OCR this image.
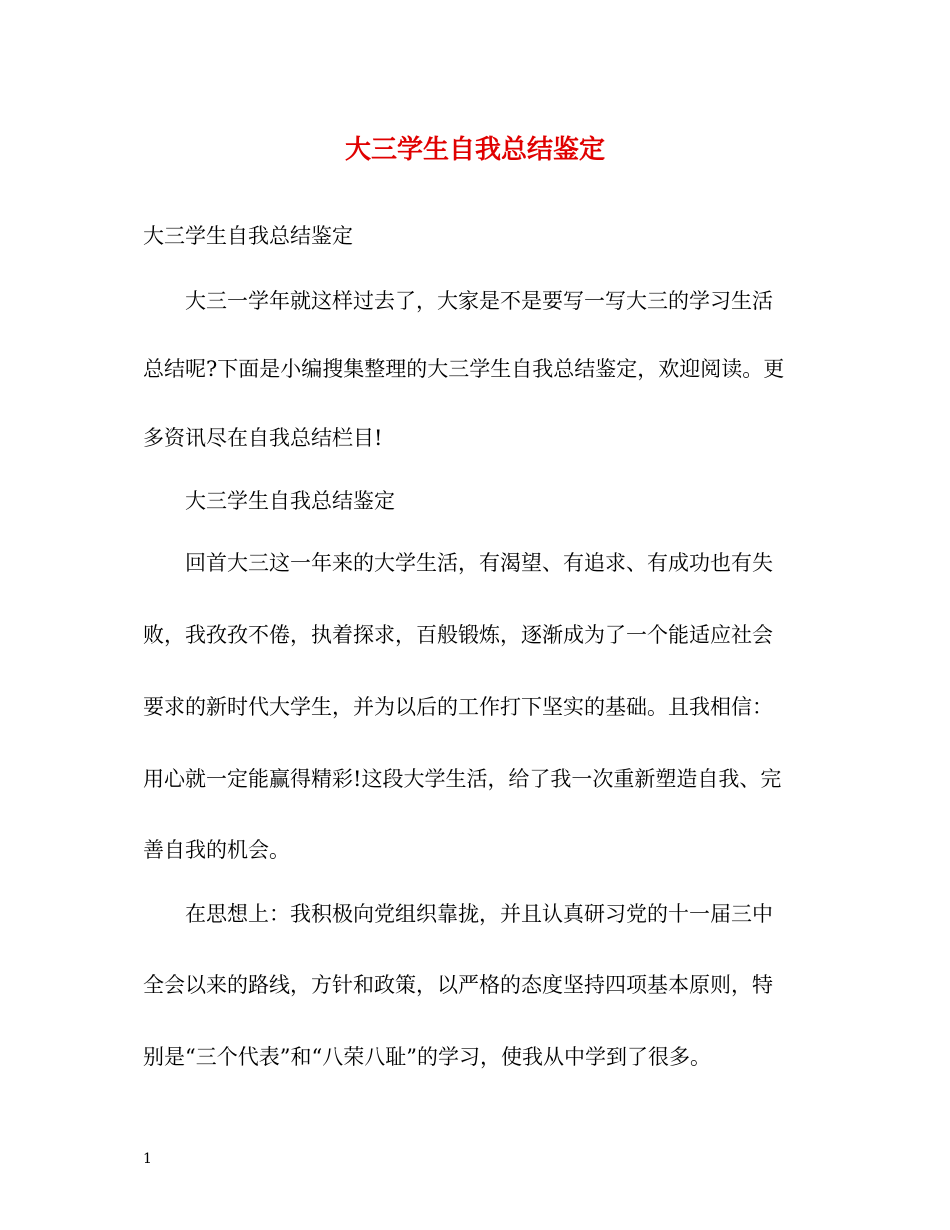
大三学生自我总结鉴定
大三学生自我总结鉴定
大三一学年就这样过去了，大家是不是要写一写大三的学习生活
总结呢?下面是小编搜集整理的大三学生自我总结鉴定，欢迎阅读。更
多资讯尽在自我总结栏目!
大三学生自我总结鉴定
回首大三这一年来的大学生活，有渴望、有追求、有成功也有失
败，我孜孜不倦，执着探求，百般锻炼，逐渐成为了一个能适应社会
要求的新时代大学生，并为以后的工作打下坚实的基础。且我相信：
用心就一定能赢得精彩!这段大学生活，给了我一次重新塑造自我、完
善自我的机会。
在思想上：我积极向党组织靠拢，并且认真研习党的十一届三中
全会以来的路线，方针和政策，以严格的态度坚持四项基本原则，特
别是“三个代表”和“八荣八耻”的学习，使我从中学到了很多。
1
